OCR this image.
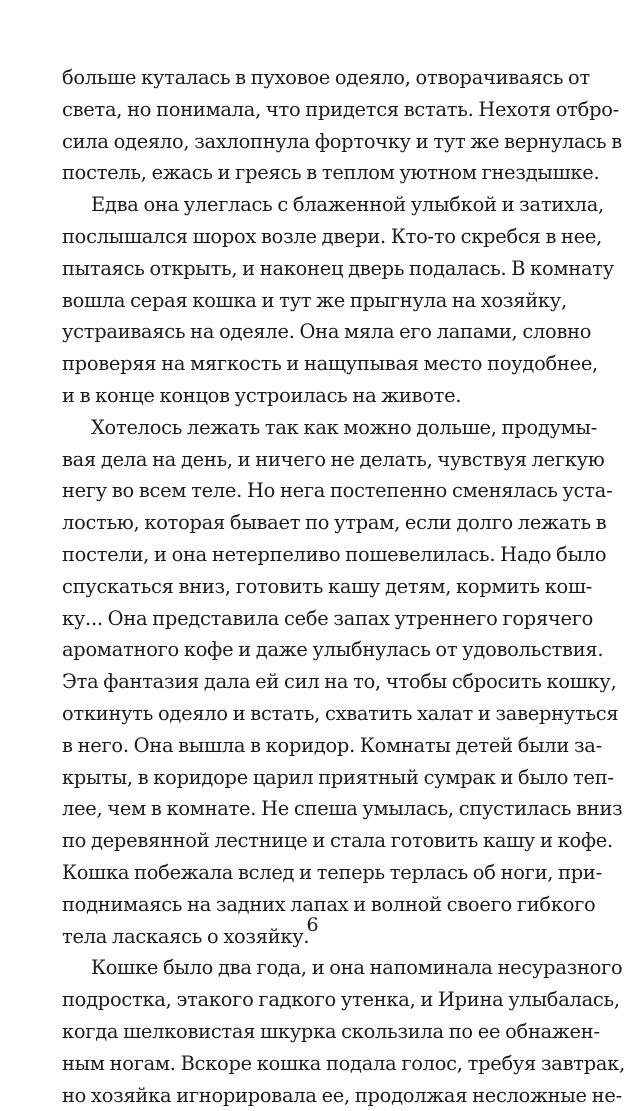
больше куталась в пуховое одеяло, отворачиваясь от
света, но понимала, что придется встать. Нехотя отбро-
сила одеяло, захлопнула форточку и тут же вернулась в
постель, ежась и греясь в теплом уютном гнездышке.
Едва она улеглась с блаженной улыбкой и затихла,
послышался шорох возле двери. Кто-то скребся в нее,
пытаясь открыть, и наконец дверь подалась. В комнату
вошла серая кошка и тут же прыгнула на хозяйку,
устраиваясь на одеяле. Она мяла его лапами, словно
проверяя на мягкость и нащупывая место поудобнее,
и в конце концов устроилась на животе.
Хотелось лежать так как можно дольше, продумы-
вая дела на день, и ничего не делать, чувствуя легкую
негу во всем теле. Но нега постепенно сменялась уста-
лостью, которая бывает по утрам, если долго лежать в
постели, и она нетерпеливо пошевелилась. Надо было
спускаться вниз, готовить кашу детям, кормить кош-
ку... Она представила себе запах утреннего горячего
ароматного кофе и даже улыбнулась от удовольствия.
Эта фантазия дала ей сил на то, чтобы сбросить кошку,
откинуть одеяло и встать, схватить халат и завернуться
в него. Она вышла в коридор. Комнаты детей были за-
крыты, в коридоре царил приятный сумрак и было теп-
лее, чем в комнате. Не спеша умылась, спустилась вниз
по деревянной лестнице и стала готовить кашу и кофе.
Кошка побежала вслед и теперь терлась об ноги, при-
поднимаясь на задних лапах и волной своего гибкого
тела ласкаясь о хозяйку.
Кошке было два года, и она напоминала несуразного
подростка, этакого гадкого утенка, и Ирина улыбалась,
когда шелковистая шкурка скользила по ее обнажен-
ным ногам. Вскоре кошка подала голос, требуя завтрак,
но хозяйка игнорировала ее, продолжая несложные не-
6
